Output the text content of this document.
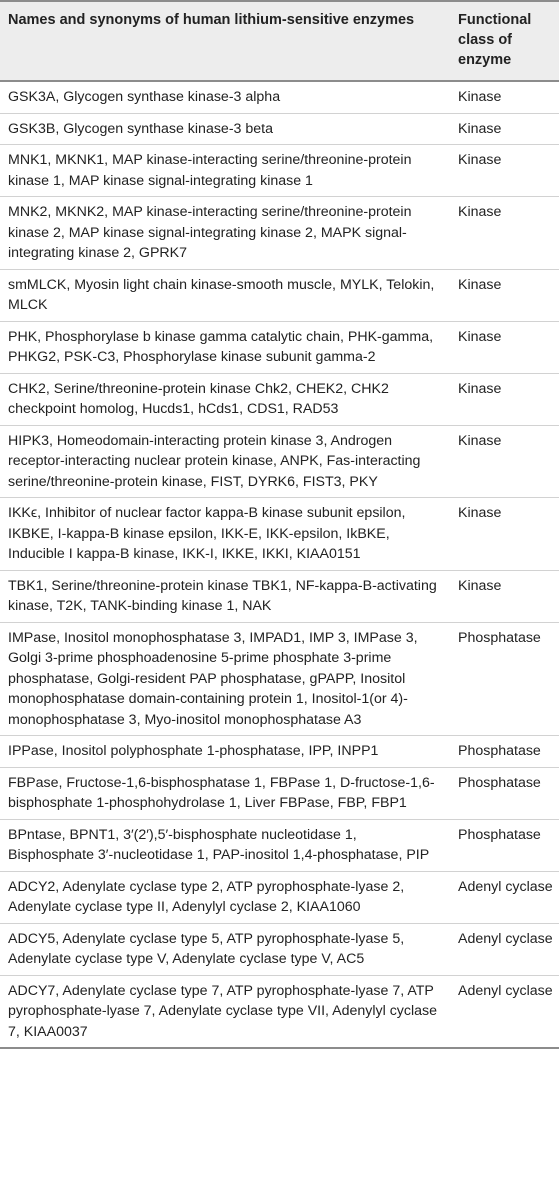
Names and synonyms of human lithium-sensitive enzymes	Functional class of enzyme
GSK3A, Glycogen synthase kinase-3 alpha	Kinase
GSK3B, Glycogen synthase kinase-3 beta	Kinase
MNK1, MKNK1, MAP kinase-interacting serine/threonine-protein kinase 1, MAP kinase signal-integrating kinase 1	Kinase
MNK2, MKNK2, MAP kinase-interacting serine/threonine-protein kinase 2, MAP kinase signal-integrating kinase 2, MAPK signal-integrating kinase 2, GPRK7	Kinase
smMLCK, Myosin light chain kinase-smooth muscle, MYLK, Telokin, MLCK	Kinase
PHK, Phosphorylase b kinase gamma catalytic chain, PHK-gamma, PHKG2, PSK-C3, Phosphorylase kinase subunit gamma-2	Kinase
CHK2, Serine/threonine-protein kinase Chk2, CHEK2, CHK2 checkpoint homolog, Hucds1, hCds1, CDS1, RAD53	Kinase
HIPK3, Homeodomain-interacting protein kinase 3, Androgen receptor-interacting nuclear protein kinase, ANPK, Fas-interacting serine/threonine-protein kinase, FIST, DYRK6, FIST3, PKY	Kinase
IKKϵ, Inhibitor of nuclear factor kappa-B kinase subunit epsilon, IKBKE, I-kappa-B kinase epsilon, IKK-E, IKK-epsilon, IkBKE, Inducible I kappa-B kinase, IKK-I, IKKE, IKKI, KIAA0151	Kinase
TBK1, Serine/threonine-protein kinase TBK1, NF-kappa-B-activating kinase, T2K, TANK-binding kinase 1, NAK	Kinase
IMPase, Inositol monophosphatase 3, IMPAD1, IMP 3, IMPase 3, Golgi 3-prime phosphoadenosine 5-prime phosphate 3-prime phosphatase, Golgi-resident PAP phosphatase, gPAPP, Inositol monophosphatase domain-containing protein 1, Inositol-1(or 4)-monophosphatase 3, Myo-inositol monophosphatase A3	Phosphatase
IPPase, Inositol polyphosphate 1-phosphatase, IPP, INPP1	Phosphatase
FBPase, Fructose-1,6-bisphosphatase 1, FBPase 1, D-fructose-1,6-bisphosphate 1-phosphohydrolase 1, Liver FBPase, FBP, FBP1	Phosphatase
BPntase, BPNT1, 3′(2′),5′-bisphosphate nucleotidase 1, Bisphosphate 3′-nucleotidase 1, PAP-inositol 1,4-phosphatase, PIP	Phosphatase
ADCY2, Adenylate cyclase type 2, ATP pyrophosphate-lyase 2, Adenylate cyclase type II, Adenylyl cyclase 2, KIAA1060	Adenyl cyclase
ADCY5, Adenylate cyclase type 5, ATP pyrophosphate-lyase 5, Adenylate cyclase type V, Adenylate cyclase type V, AC5	Adenyl cyclase
ADCY7, Adenylate cyclase type 7, ATP pyrophosphate-lyase 7, ATP pyrophosphate-lyase 7, Adenylate cyclase type VII, Adenylyl cyclase 7, KIAA0037	Adenyl cyclase
